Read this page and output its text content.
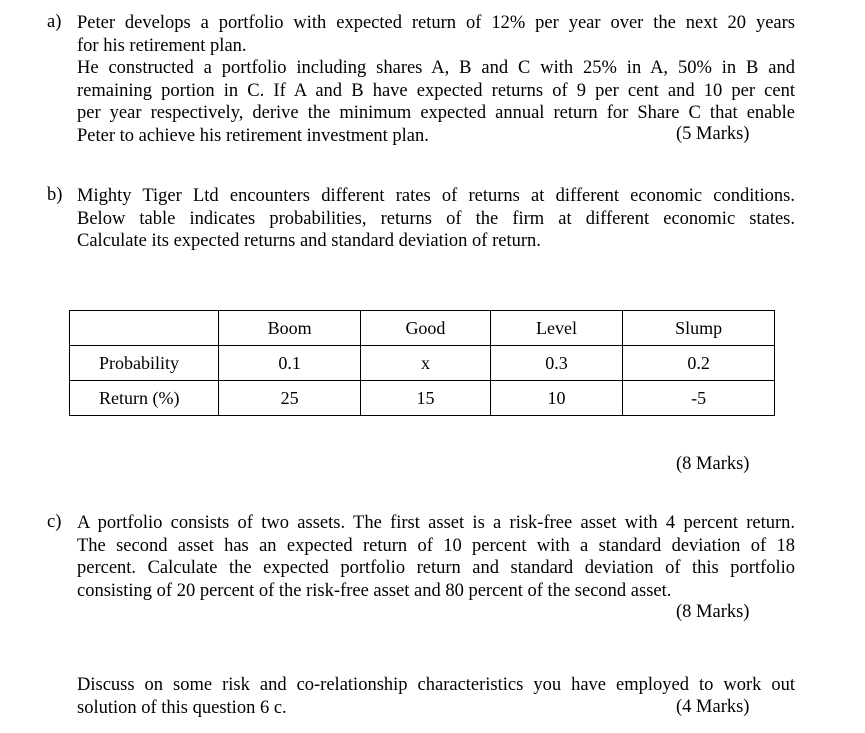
a) Peter develops a portfolio with expected return of 12% per year over the next 20 years
for his retirement plan.
He constructed a portfolio including shares A, B and C with 25% in A, 50% in B and
remaining portion in C. If A and B have expected returns of 9 per cent and 10 per cent
per year respectively, derive the minimum expected annual return for Share C that enable
Peter to achieve his retirement investment plan.	(5 Marks)
b) Mighty Tiger Ltd encounters different rates of returns at different economic conditions.
Below table indicates probabilities, returns of the firm at different economic states.
Calculate its expected returns and standard deviation of return.
	Boom	Good	Level	Slump
Probability	0.1	x	0.3	0.2
Return (%)	25	15	10	-5
(8 Marks)
c) A portfolio consists of two assets. The first asset is a risk-free asset with 4 percent return.
The second asset has an expected return of 10 percent with a standard deviation of 18
percent. Calculate the expected portfolio return and standard deviation of this portfolio
consisting of 20 percent of the risk-free asset and 80 percent of the second asset.
(8 Marks)
Discuss on some risk and co-relationship characteristics you have employed to work out
solution of this question 6 c.	(4 Marks)
